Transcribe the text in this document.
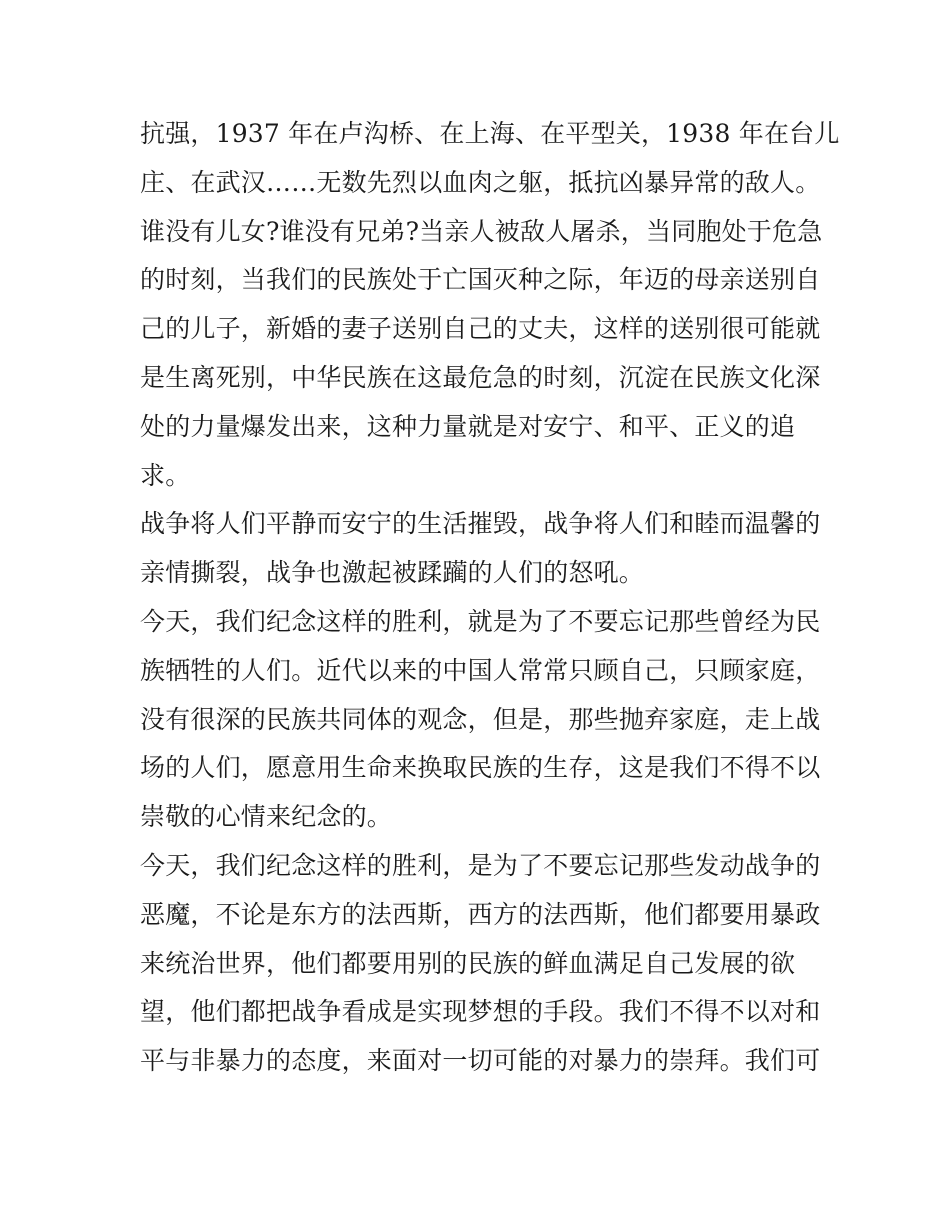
抗强，1937 年在卢沟桥、在上海、在平型关，1938 年在台儿
庄、在武汉……无数先烈以血肉之躯，抵抗凶暴异常的敌人。
谁没有儿女?谁没有兄弟?当亲人被敌人屠杀，当同胞处于危急
的时刻，当我们的民族处于亡国灭种之际，年迈的母亲送别自
己的儿子，新婚的妻子送别自己的丈夫，这样的送别很可能就
是生离死别，中华民族在这最危急的时刻，沉淀在民族文化深
处的力量爆发出来，这种力量就是对安宁、和平、正义的追
求。
战争将人们平静而安宁的生活摧毁，战争将人们和睦而温馨的
亲情撕裂，战争也激起被蹂躏的人们的怒吼。
今天，我们纪念这样的胜利，就是为了不要忘记那些曾经为民
族牺牲的人们。近代以来的中国人常常只顾自己，只顾家庭，
没有很深的民族共同体的观念，但是，那些抛弃家庭，走上战
场的人们，愿意用生命来换取民族的生存，这是我们不得不以
崇敬的心情来纪念的。
今天，我们纪念这样的胜利，是为了不要忘记那些发动战争的
恶魔，不论是东方的法西斯，西方的法西斯，他们都要用暴政
来统治世界，他们都要用别的民族的鲜血满足自己发展的欲
望，他们都把战争看成是实现梦想的手段。我们不得不以对和
平与非暴力的态度，来面对一切可能的对暴力的崇拜。我们可
